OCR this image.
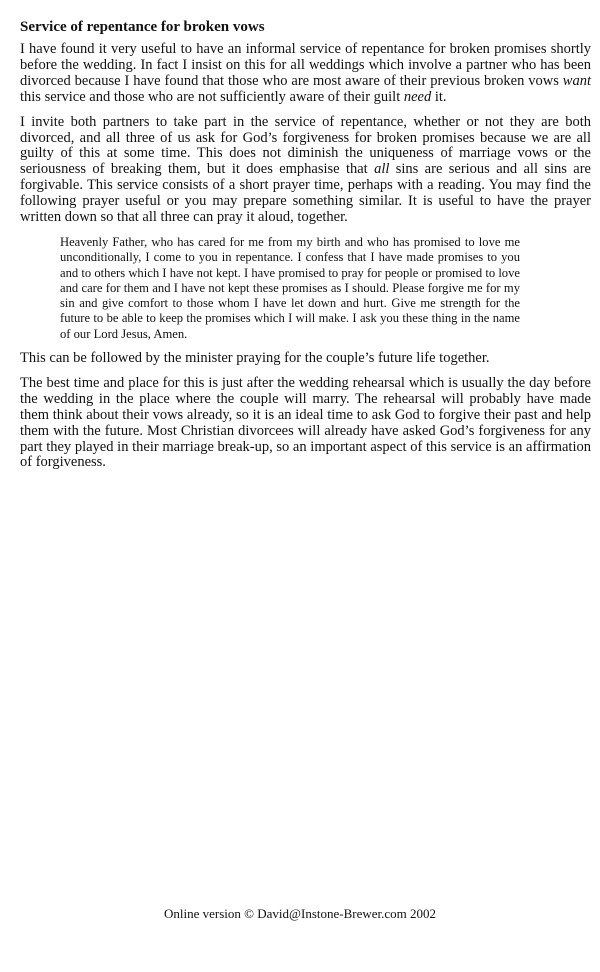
Service of repentance for broken vows

I have found it very useful to have an informal service of repentance for broken promises shortly before the wedding. In fact I insist on this for all weddings which involve a partner who has been divorced because I have found that those who are most aware of their previous broken vows want this service and those who are not sufficiently aware of their guilt need it.

I invite both partners to take part in the service of repentance, whether or not they are both divorced, and all three of us ask for God’s forgiveness for broken promises because we are all guilty of this at some time. This does not diminish the uniqueness of marriage vows or the seriousness of breaking them, but it does emphasise that all sins are serious and all sins are forgivable. This service consists of a short prayer time, perhaps with a reading. You may find the following prayer useful or you may prepare something similar. It is useful to have the prayer written down so that all three can pray it aloud, together.

Heavenly Father, who has cared for me from my birth and who has promised to love me unconditionally, I come to you in repentance. I confess that I have made promises to you and to others which I have not kept. I have promised to pray for people or promised to love and care for them and I have not kept these promises as I should. Please forgive me for my sin and give comfort to those whom I have let down and hurt. Give me strength for the future to be able to keep the promises which I will make. I ask you these thing in the name of our Lord Jesus, Amen.

This can be followed by the minister praying for the couple’s future life together.

The best time and place for this is just after the wedding rehearsal which is usually the day before the wedding in the place where the couple will marry. The rehearsal will probably have made them think about their vows already, so it is an ideal time to ask God to forgive their past and help them with the future. Most Christian divorcees will already have asked God’s forgiveness for any part they played in their marriage break-up, so an important aspect of this service is an affirmation of forgiveness.

Online version © David@Instone-Brewer.com 2002
